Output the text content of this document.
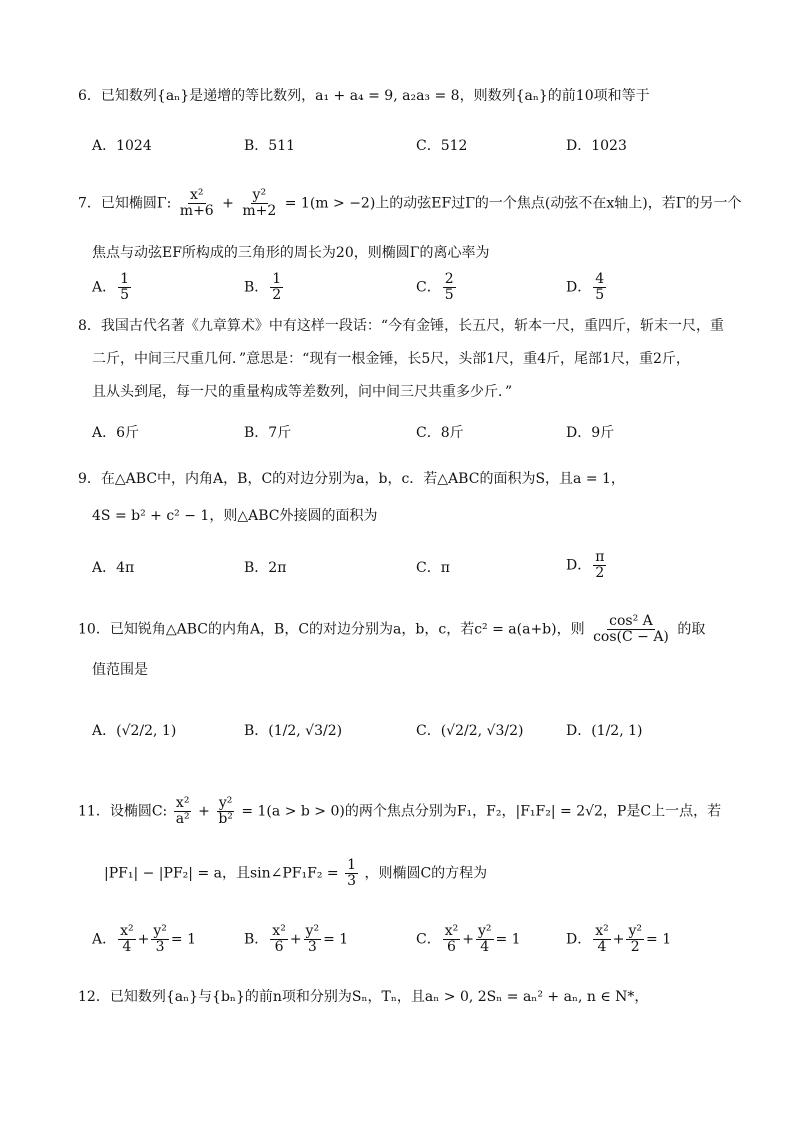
6．已知数列{aₙ}是递增的等比数列，a₁ + a₄ = 9, a₂a₃ = 8，则数列{aₙ}的前10项和等于
A．1024	B．511	C．512	D．1023
7．已知椭圆Γ: $\frac{\text{x²}}{m+6} + \frac{\text{y²}}{m+2} = 1(m > -2)$上的动弦EF过Γ的一个焦点(动弦不在x轴上)，若Γ的另一个
焦点与动弦EF所构成的三角形的周长为20，则椭圆Γ的离心率为
A． $\frac{1}{5}$	B． $\frac{1}{2}$	C． $\frac{2}{5}$	D． $\frac{4}{5}$
8．我国古代名著《九章算术》中有这样一段话：“今有金锤，长五尺，斩本一尺，重四斤，斩末一尺，重
二斤，中间三尺重几何．”意思是：“现有一根金锤，长5尺，头部1尺，重4斤，尾部1尺，重2斤，
且从头到尾，每一尺的重量构成等差数列，问中间三尺共重多少斤．”
A．6斤	B．7斤	C．8斤	D．9斤
9．在△ABC中，内角A，B，C的对边分别为a，b，c．若△ABC的面积为S，且a = 1，
4S = b² + c² − 1，则△ABC外接圆的面积为
A．4π	B．2π	C．π	D． $\frac{\pi}{2}$
10．已知锐角△ABC的内角A，B，C的对边分别为a，b，c，若c² = a(a+b)，则 $\frac{\text{cos² A}}{\cos(C - A)}$ 的取
值范围是
A．(√2/2, 1)	B．(1/2, √3/2)	C．(√2/2, √3/2)	D．(1/2, 1)
11．设椭圆C: $\frac{\text{x²}}{\text{a²}} + \frac{\text{y²}}{\text{b²}} = 1(a > b > 0)$的两个焦点分别为F₁，F₂，|F₁F₂| = 2√2，P是C上一点，若
|PF₁| − |PF₂| = a，且sin∠PF₁F₂ = $\frac{1}{3}$ ，则椭圆C的方程为
A． $\frac{\text{x²}}{4} + \frac{\text{y²}}{3} = 1$	B． $\frac{\text{x²}}{6} + \frac{\text{y²}}{3} = 1$	C． $\frac{\text{x²}}{6} + \frac{\text{y²}}{4} = 1$	D． $\frac{\text{x²}}{4} + \frac{\text{y²}}{2} = 1$
12．已知数列{aₙ}与{bₙ}的前n项和分别为Sₙ，Tₙ，且aₙ > 0, 2Sₙ = aₙ² + aₙ, n ∈ N*，
